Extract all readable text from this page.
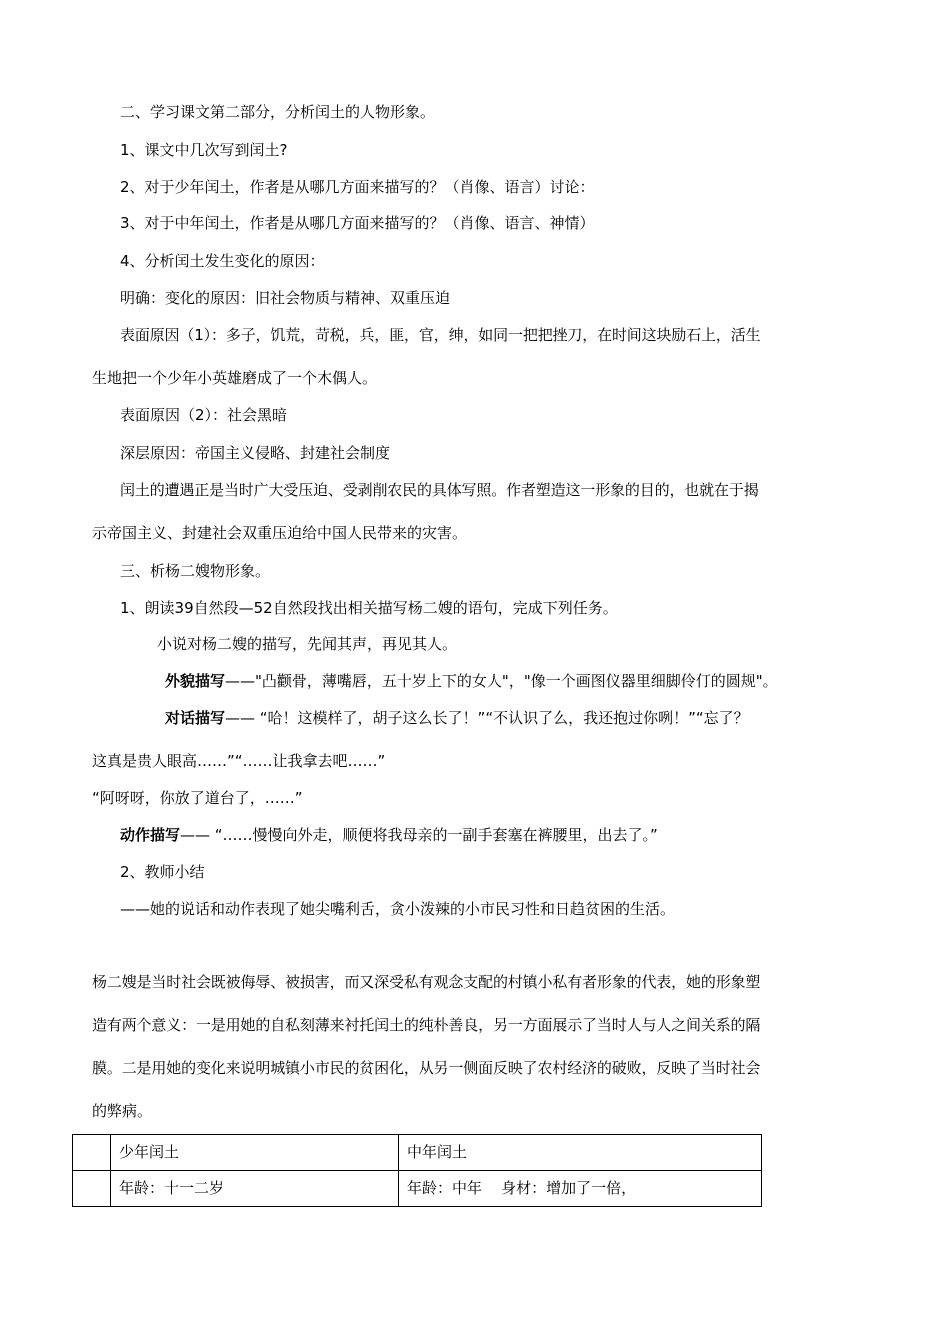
二、学习课文第二部分，分析闰土的人物形象。
1、课文中几次写到闰土?
2、对于少年闰土，作者是从哪几方面来描写的？（肖像、语言）讨论：
3、对于中年闰土，作者是从哪几方面来描写的？（肖像、语言、神情）
4、分析闰土发生变化的原因：
明确：变化的原因：旧社会物质与精神、双重压迫
表面原因（1）：多子，饥荒，苛税，兵，匪，官，绅，如同一把把挫刀，在时间这块励石上，活生
生地把一个少年小英雄磨成了一个木偶人。
表面原因（2）：社会黑暗
深层原因：帝国主义侵略、封建社会制度
闰土的遭遇正是当时广大受压迫、受剥削农民的具体写照。作者塑造这一形象的目的，也就在于揭
示帝国主义、封建社会双重压迫给中国人民带来的灾害。
三、析杨二嫂物形象。
1、朗读39自然段—52自然段找出相关描写杨二嫂的语句，完成下列任务。
小说对杨二嫂的描写，先闻其声，再见其人。
外貌描写——"凸颧骨，薄嘴唇，五十岁上下的女人"，"像一个画图仪器里细脚伶仃的圆规"。
对话描写—— “哈！这模样了，胡子这么长了！”“不认识了么，我还抱过你咧！”“忘了？
这真是贵人眼高……”“……让我拿去吧……”
“阿呀呀，你放了道台了，……”
动作描写—— “……慢慢向外走，顺便将我母亲的一副手套塞在裤腰里，出去了。”
2、教师小结
——她的说话和动作表现了她尖嘴利舌，贪小泼辣的小市民习性和日趋贫困的生活。
杨二嫂是当时社会既被侮辱、被损害，而又深受私有观念支配的村镇小私有者形象的代表，她的形象塑
造有两个意义：一是用她的自私刻薄来衬托闰土的纯朴善良，另一方面展示了当时人与人之间关系的隔
膜。二是用她的变化来说明城镇小市民的贫困化，从另一侧面反映了农村经济的破败，反映了当时社会
的弊病。
	少年闰土	中年闰土
	年龄：十一二岁	年龄：中年    身材：增加了一倍，
